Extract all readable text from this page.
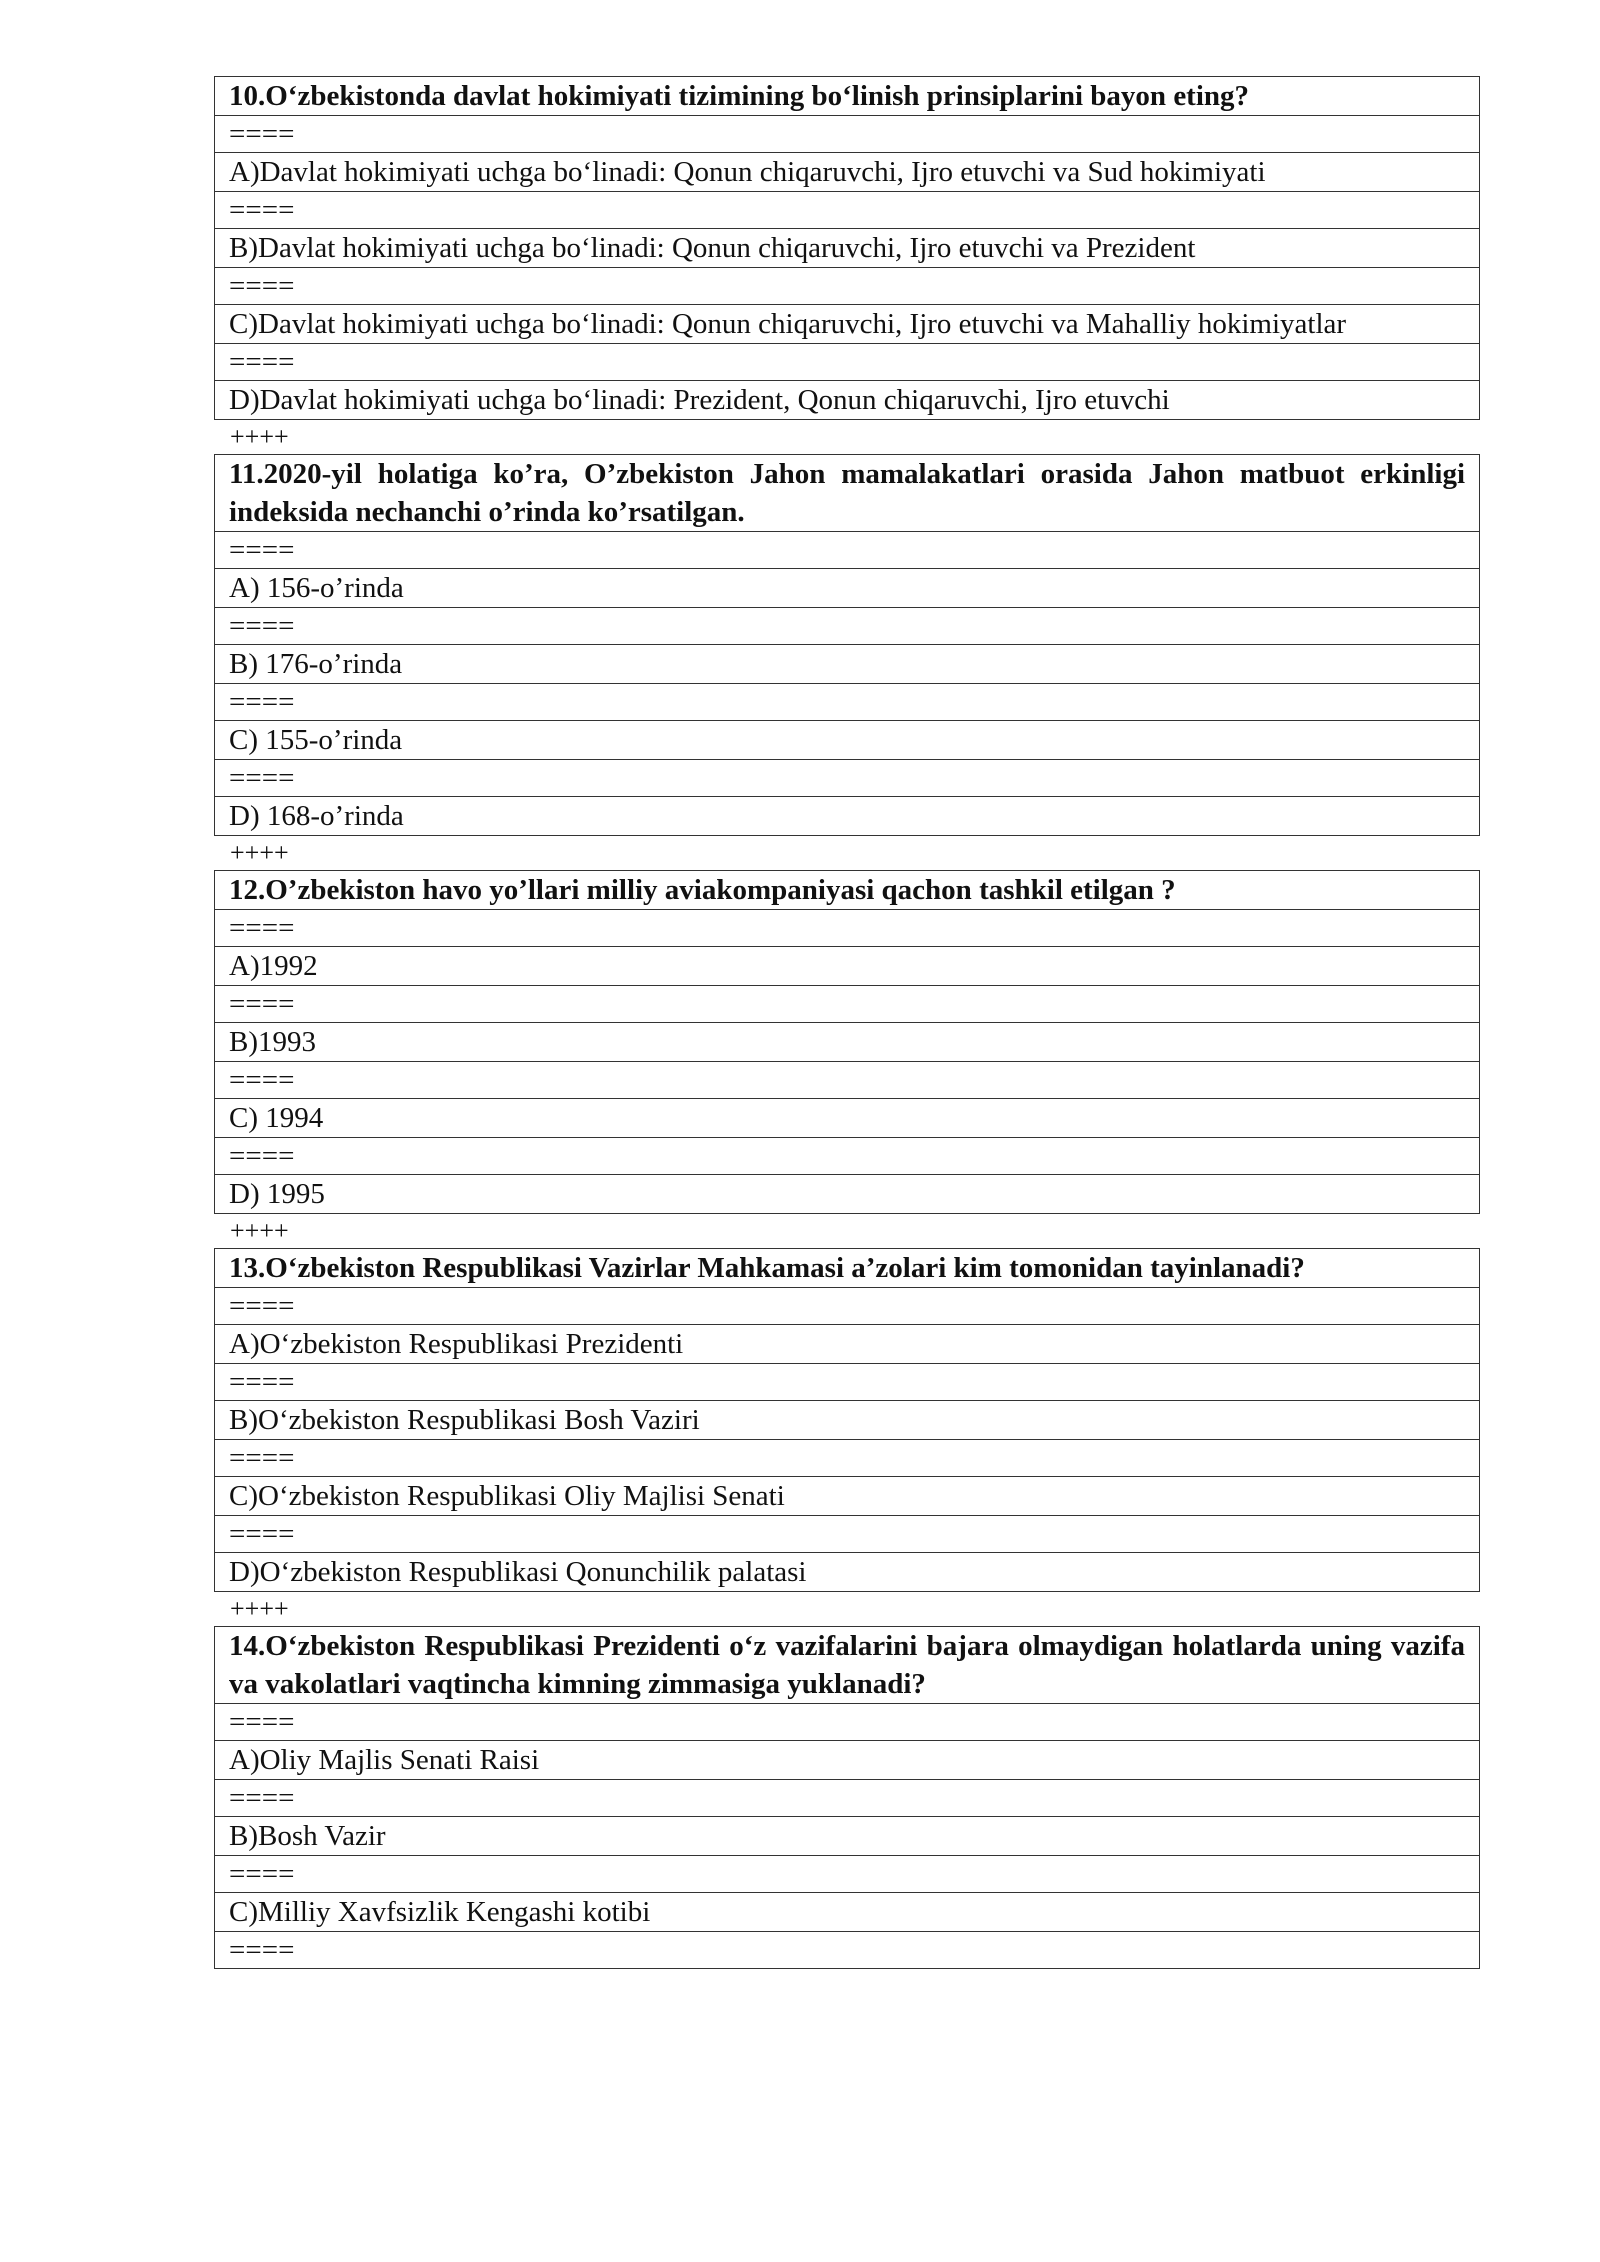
10.O‘zbekistonda davlat hokimiyati tizimining bo‘linish prinsiplarini bayon eting?
====
A)Davlat hokimiyati uchga bo‘linadi: Qonun chiqaruvchi, Ijro etuvchi va Sud hokimiyati
====
B)Davlat hokimiyati uchga bo‘linadi: Qonun chiqaruvchi, Ijro etuvchi va Prezident
====
C)Davlat hokimiyati uchga bo‘linadi: Qonun chiqaruvchi, Ijro etuvchi va Mahalliy hokimiyatlar
====
D)Davlat hokimiyati uchga bo‘linadi: Prezident, Qonun chiqaruvchi, Ijro etuvchi
++++
11.2020-yil holatiga ko’ra, O’zbekiston Jahon mamalakatlari orasida Jahon matbuot erkinligi indeksida nechanchi o’rinda ko’rsatilgan.
====
A) 156-o’rinda
====
B) 176-o’rinda
====
C) 155-o’rinda
====
D) 168-o’rinda
++++
12.O’zbekiston havo yo’llari milliy aviakompaniyasi qachon tashkil etilgan ?
====
A)1992
====
B)1993
====
C) 1994
====
D) 1995
++++
13.O‘zbekiston Respublikasi Vazirlar Mahkamasi a’zolari kim tomonidan tayinlanadi?
====
A)O‘zbekiston Respublikasi Prezidenti
====
B)O‘zbekiston Respublikasi Bosh Vaziri
====
C)O‘zbekiston Respublikasi Oliy Majlisi Senati
====
D)O‘zbekiston Respublikasi Qonunchilik palatasi
++++
14.O‘zbekiston Respublikasi Prezidenti o‘z vazifalarini bajara olmaydigan holatlarda uning vazifa va vakolatlari vaqtincha kimning zimmasiga yuklanadi?
====
A)Oliy Majlis Senati Raisi
====
B)Bosh Vazir
====
C)Milliy Xavfsizlik Kengashi kotibi
====
